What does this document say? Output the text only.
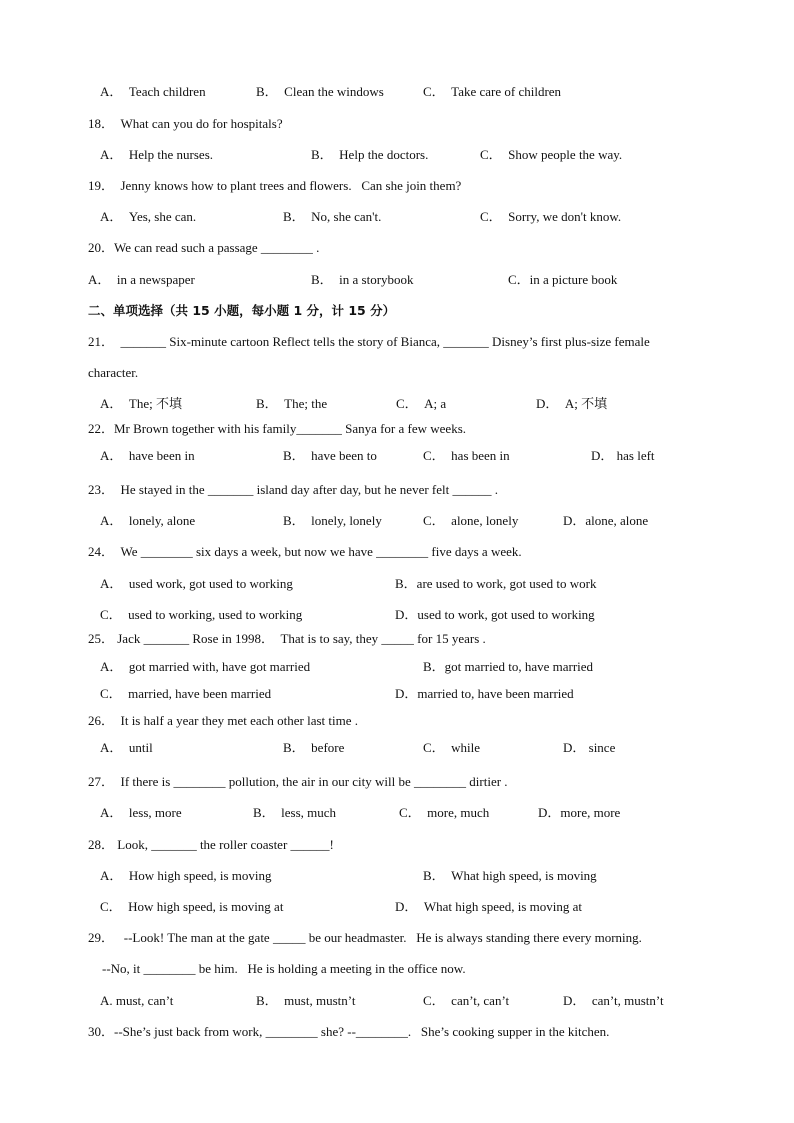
A．  Teach children	B．  Clean the windows	C．  Take care of children
18．  What can you do for hospitals?
A．  Help the nurses.	B．  Help the doctors.	C．  Show people the way.
19．  Jenny knows how to plant trees and flowers.   Can she join them?
A．  Yes, she can.	B．  No, she can't.	C．  Sorry, we don't know.
20．We can read such a passage ________ .
A．  in a newspaper	B．  in a storybook	C．in a picture book
二、单项选择（共 15 小题，每小题 1 分，计 15 分）
21．  _______ Six-minute cartoon Reflect tells the story of Bianca, _______ Disney’s first plus-size female
character.
A．  The; 不填	B．  The; the	C．  A; a	D．  A; 不填
22．Mr Brown together with his family_______ Sanya for a few weeks.
A．  have been in	B．  have been to	C．  has been in	D． has left
23．  He stayed in the _______ island day after day, but he never felt ______ .
A．  lonely, alone	B．  lonely, lonely	C．  alone, lonely	D．alone, alone
24．  We ________ six days a week, but now we have ________ five days a week.
A．  used work, got used to working	B．are used to work, got used to work
C．  used to working, used to working	D．used to work, got used to working
25． Jack _______ Rose in 1998．  That is to say, they _____ for 15 years .
A．  got married with, have got married	B．got married to, have married
C．  married, have been married	D．married to, have been married
26．  It is half a year they met each other last time .
A．  until	B．  before	C．  while	D． since
27．  If there is ________ pollution, the air in our city will be ________ dirtier .
A．  less, more	B．  less, much	C．  more, much	D．more, more
28． Look, _______ the roller coaster ______!
A．  How high speed, is moving	B．  What high speed, is moving
C．  How high speed, is moving at	D．  What high speed, is moving at
29．   --Look! The man at the gate _____ be our headmaster.   He is always standing there every morning.
--No, it ________ be him.   He is holding a meeting in the office now.
A. must, can’t	B．  must, mustn’t	C．  can’t, can’t	D．  can’t, mustn’t
30．--She’s just back from work, ________ she? --________.   She’s cooking supper in the kitchen.
